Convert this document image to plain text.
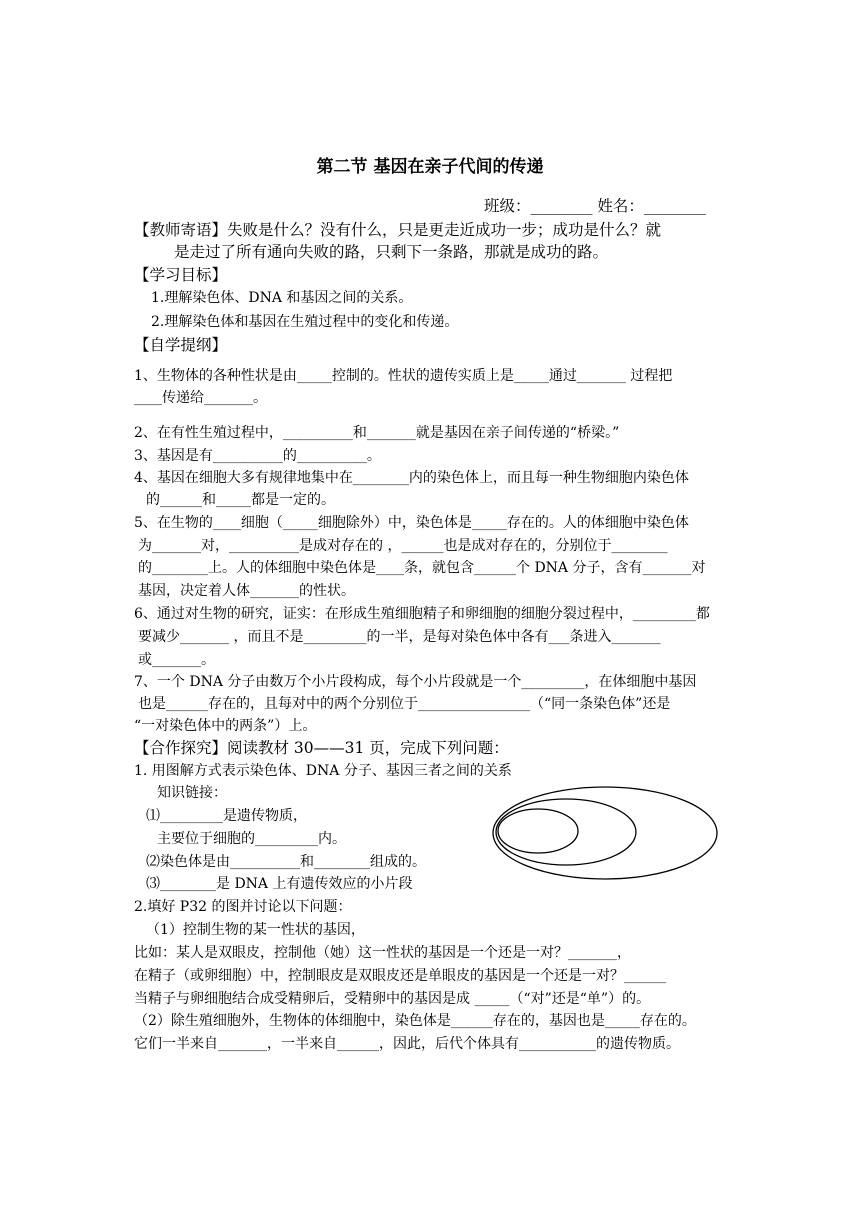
第二节 基因在亲子代间的传递
班级：________ 姓名：________
【教师寄语】失败是什么？没有什么，只是更走近成功一步；成功是什么？就
是走过了所有通向失败的路，只剩下一条路，那就是成功的路。
【学习目标】
1.理解染色体、DNA 和基因之间的关系。
2.理解染色体和基因在生殖过程中的变化和传递。
【自学提纲】
1、生物体的各种性状是由_____控制的。性状的遗传实质上是_____通过_______ 过程把
____传递给_______。
2、在有性生殖过程中，__________和_______就是基因在亲子间传递的“桥梁。”
3、基因是有__________的__________。
4、基因在细胞大多有规律地集中在________内的染色体上，而且每一种生物细胞内染色体
的______和_____都是一定的。
5、在生物的____细胞（_____细胞除外）中，染色体是_____存在的。人的体细胞中染色体
为_______对，__________是成对存在的 ，______也是成对存在的，分别位于________
的________上。人的体细胞中染色体是____条，就包含______个 DNA 分子，含有_______对
基因，决定着人体_______的性状。
6、通过对生物的研究，证实：在形成生殖细胞精子和卵细胞的细胞分裂过程中，_________都
要减少_______ ，而且不是_________的一半，是每对染色体中各有___条进入_______
或_______。
7、一个 DNA 分子由数万个小片段构成，每个小片段就是一个_________，在体细胞中基因
也是______存在的，且每对中的两个分别位于________________（“同一条染色体”还是
“一对染色体中的两条”）上。
【合作探究】阅读教材 30——31 页，完成下列问题：
1. 用图解方式表示染色体、DNA 分子、基因三者之间的关系
知识链接：
⑴_________是遗传物质，
主要位于细胞的_________内。
⑵染色体是由__________和________组成的。
⑶________是 DNA 上有遗传效应的小片段
2.填好 P32 的图并讨论以下问题：
（1）控制生物的某一性状的基因，
比如：某人是双眼皮，控制他（她）这一性状的基因是一个还是一对？_______，
在精子（或卵细胞）中，控制眼皮是双眼皮还是单眼皮的基因是一个还是一对？______
当精子与卵细胞结合成受精卵后，受精卵中的基因是成 _____（“对”还是“单”）的。
（2）除生殖细胞外，生物体的体细胞中，染色体是______存在的，基因也是_____存在的。
它们一半来自_______，一半来自______，因此，后代个体具有___________的遗传物质。
